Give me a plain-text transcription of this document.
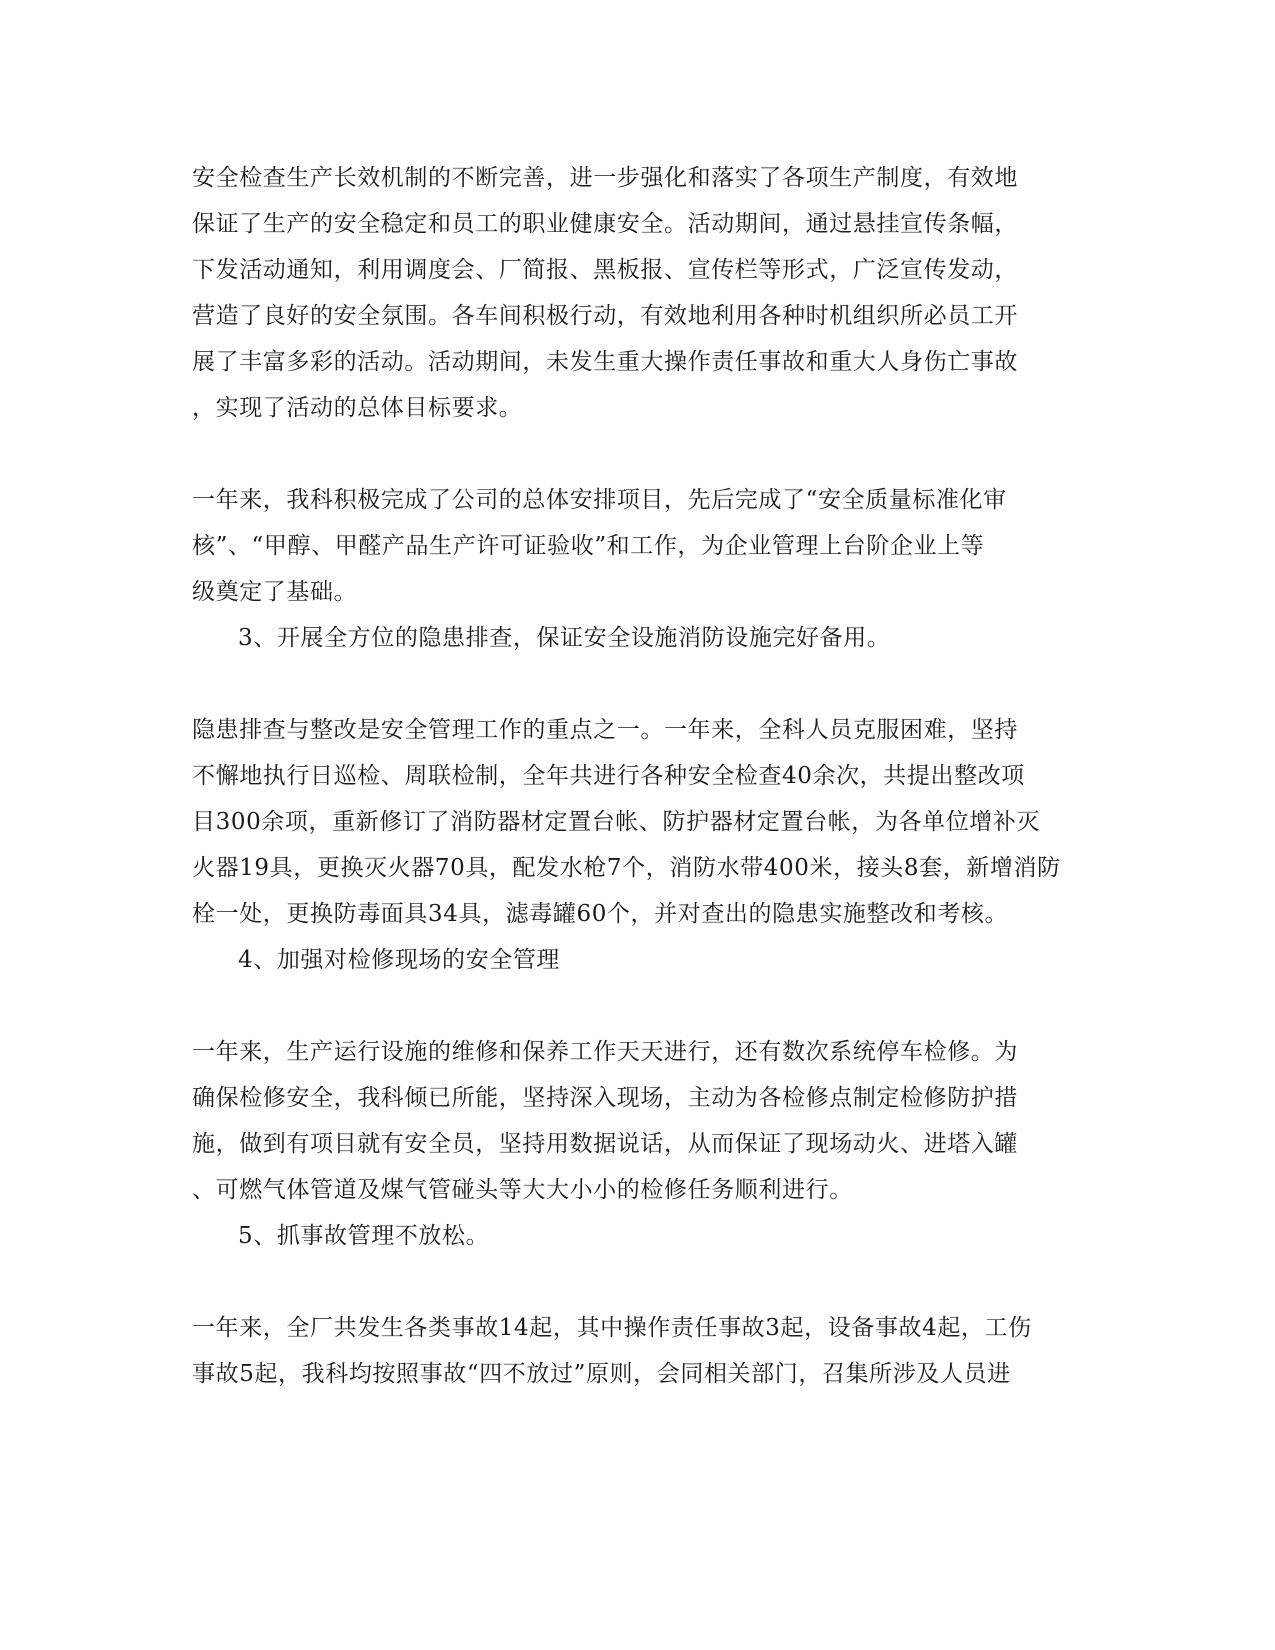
安全检查生产长效机制的不断完善，进一步强化和落实了各项生产制度，有效地
保证了生产的安全稳定和员工的职业健康安全。活动期间，通过悬挂宣传条幅，
下发活动通知，利用调度会、厂简报、黑板报、宣传栏等形式，广泛宣传发动，
营造了良好的安全氛围。各车间积极行动，有效地利用各种时机组织所必员工开
展了丰富多彩的活动。活动期间，未发生重大操作责任事故和重大人身伤亡事故
，实现了活动的总体目标要求。
一年来，我科积极完成了公司的总体安排项目，先后完成了“安全质量标准化审
核”、“甲醇、甲醛产品生产许可证验收”和工作，为企业管理上台阶企业上等
级奠定了基础。
3、开展全方位的隐患排查，保证安全设施消防设施完好备用。
隐患排查与整改是安全管理工作的重点之一。一年来，全科人员克服困难，坚持
不懈地执行日巡检、周联检制，全年共进行各种安全检查40余次，共提出整改项
目300余项，重新修订了消防器材定置台帐、防护器材定置台帐，为各单位增补灭
火器19具，更换灭火器70具，配发水枪7个，消防水带400米，接头8套，新增消防
栓一处，更换防毒面具34具，滤毒罐60个，并对查出的隐患实施整改和考核。
4、加强对检修现场的安全管理
一年来，生产运行设施的维修和保养工作天天进行，还有数次系统停车检修。为
确保检修安全，我科倾已所能，坚持深入现场，主动为各检修点制定检修防护措
施，做到有项目就有安全员，坚持用数据说话，从而保证了现场动火、进塔入罐
、可燃气体管道及煤气管碰头等大大小小的检修任务顺利进行。
5、抓事故管理不放松。
一年来，全厂共发生各类事故14起，其中操作责任事故3起，设备事故4起，工伤
事故5起，我科均按照事故“四不放过”原则，会同相关部门，召集所涉及人员进
